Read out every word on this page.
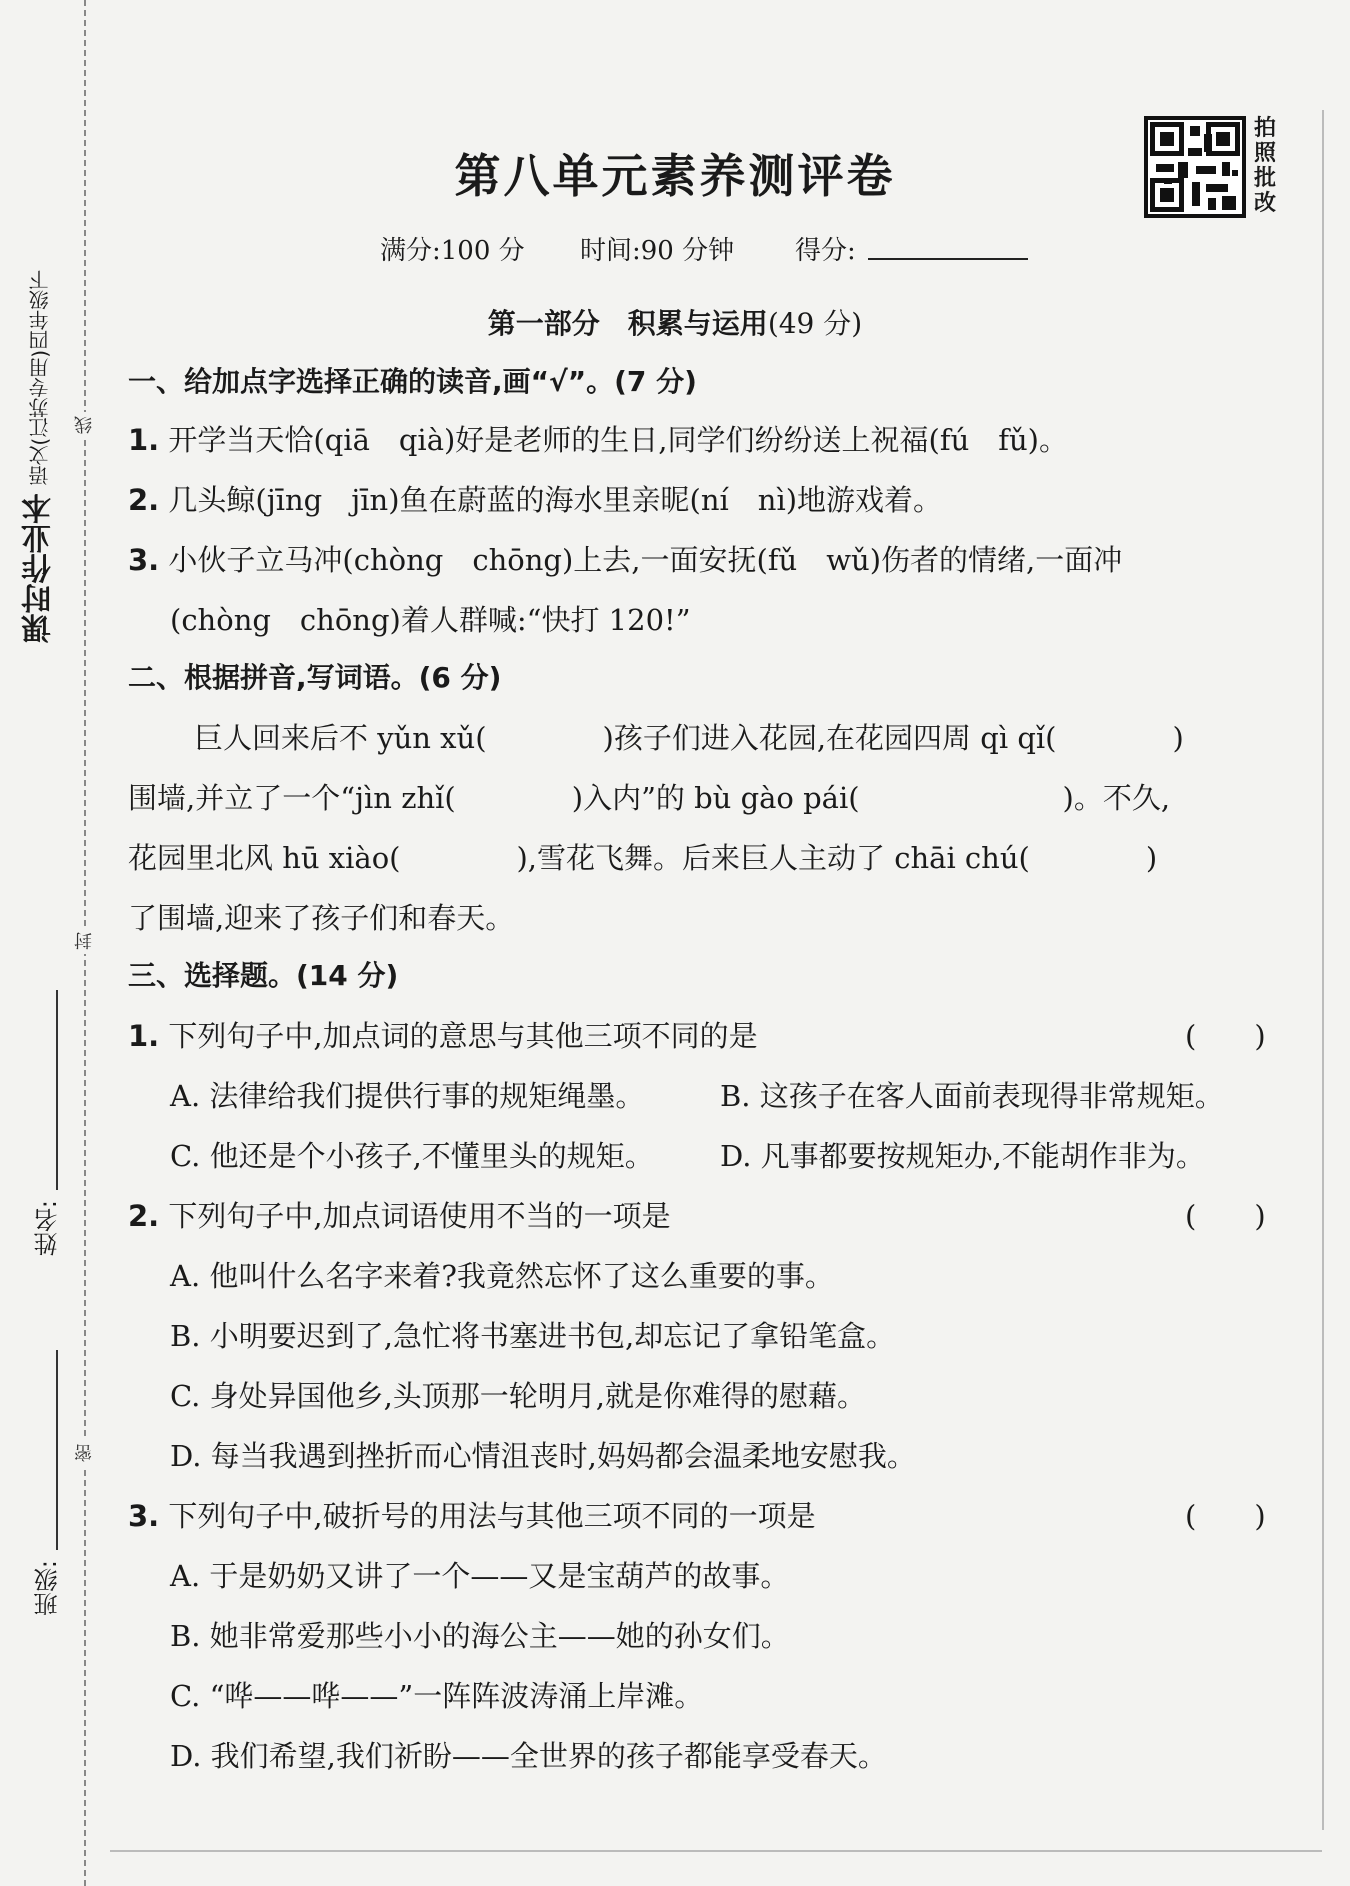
课时作业本 语文(江苏专用)四年级下	线
封
密
姓名:
班级:
拍照批改
第八单元素养测评卷
满分:100 分 时间:90 分钟 得分:
第一部分　积累与运用(49 分)
一、给加点字选择正确的读音,画“√”。(7 分)
1. 开学当天恰(qiā　qià)好是老师的生日,同学们纷纷送上祝福(fú　fǔ)。
2. 几头鲸(jīng　jīn)鱼在蔚蓝的海水里亲昵(ní　nì)地游戏着。
3. 小伙子立马冲(chòng　chōng)上去,一面安抚(fǔ　wǔ)伤者的情绪,一面冲
(chòng　chōng)着人群喊:“快打 120!”
二、根据拼音,写词语。(6 分)
巨人回来后不 yǔn xǔ(　　　　)孩子们进入花园,在花园四周 qì qǐ(　　　　)
围墙,并立了一个“jìn zhǐ(　　　　)入内”的 bù gào pái(　　　　　　　)。不久,
花园里北风 hū xiào(　　　　),雪花飞舞。后来巨人主动了 chāi chú(　　　　)
了围墙,迎来了孩子们和春天。
三、选择题。(14 分)
1. 下列句子中,加点词的意思与其他三项不同的是	(　　)
A. 法律给我们提供行事的规矩绳墨。	B. 这孩子在客人面前表现得非常规矩。
C. 他还是个小孩子,不懂里头的规矩。 D. 凡事都要按规矩办,不能胡作非为。
2. 下列句子中,加点词语使用不当的一项是	(　　)
A. 他叫什么名字来着?我竟然忘怀了这么重要的事。
B. 小明要迟到了,急忙将书塞进书包,却忘记了拿铅笔盒。
C. 身处异国他乡,头顶那一轮明月,就是你难得的慰藉。
D. 每当我遇到挫折而心情沮丧时,妈妈都会温柔地安慰我。
3. 下列句子中,破折号的用法与其他三项不同的一项是	(　　)
A. 于是奶奶又讲了一个——又是宝葫芦的故事。
B. 她非常爱那些小小的海公主——她的孙女们。
C. “哗——哗——”一阵阵波涛涌上岸滩。
D. 我们希望,我们祈盼——全世界的孩子都能享受春天。
